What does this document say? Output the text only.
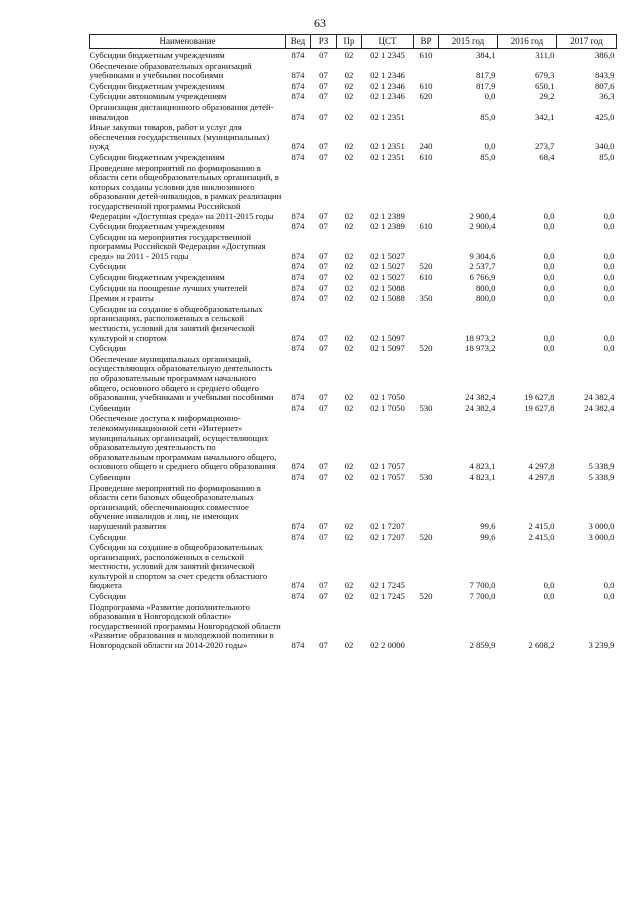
63
Наименование	Вед	РЗ	Пр	ЦСТ	ВР	2015 год	2016 год	2017 год
Субсидии бюджетным учреждениям	874	07	02	02 1 2345	610	384,1	311,0	386,0
Обеспечение образовательных организаций учебниками и учебными пособиями	874	07	02	02 1 2346		817,9	679,3	843,9
Субсидии бюджетным учреждениям	874	07	02	02 1 2346	610	817,9	650,1	807,6
Субсидии автономным учреждениям	874	07	02	02 1 2346	620	0,0	29,2	36,3
Организация дистанционного образования детей-инвалидов	874	07	02	02 1 2351		85,0	342,1	425,0
Иные закупки товаров, работ и услуг для обеспечения государственных (муниципальных) нужд	874	07	02	02 1 2351	240	0,0	273,7	340,0
Субсидии бюджетным учреждениям	874	07	02	02 1 2351	610	85,0	68,4	85,0
Проведение мероприятий по формированию в области сети общеобразовательных организаций, в которых созданы условия для инклюзивного образования детей-инвалидов, в рамках реализации государственной программы Российской Федерации «Доступная среда» на 2011-2015 годы	874	07	02	02 1 2389		2 900,4	0,0	0,0
Субсидии бюджетным учреждениям	874	07	02	02 1 2389	610	2 900,4	0,0	0,0
Субсидии на мероприятия государственной программы Российской Федерации «Доступная среда» на 2011 - 2015 годы	874	07	02	02 1 5027		9 304,6	0,0	0,0
Субсидии	874	07	02	02 1 5027	520	2 537,7	0,0	0,0
Субсидии бюджетным учреждениям	874	07	02	02 1 5027	610	6 766,9	0,0	0,0
Субсидии на поощрение лучших учителей	874	07	02	02 1 5088		800,0	0,0	0,0
Премии и гранты	874	07	02	02 1 5088	350	800,0	0,0	0,0
Субсидии на создание в общеобразовательных организациях, расположенных в сельской местности, условий для занятий физической культурой и спортом	874	07	02	02 1 5097		18 973,2	0,0	0,0
Субсидии	874	07	02	02 1 5097	520	18 973,2	0,0	0,0
Обеспечение муниципальных организаций, осуществляющих образовательную деятельность по образовательным программам начального общего, основного общего и среднего общего образования, учебниками и учебными пособиями	874	07	02	02 1 7050		24 382,4	19 627,8	24 382,4
Субвенции	874	07	02	02 1 7050	530	24 382,4	19 627,8	24 382,4
Обеспечение доступа к информационно-телекоммуникационной сети «Интернет» муниципальных организаций, осуществляющих образовательную деятельность по образовательным программам начального общего, основного общего и среднего общего образования	874	07	02	02 1 7057		4 823,1	4 297,8	5 338,9
Субвенции	874	07	02	02 1 7057	530	4 823,1	4 297,8	5 338,9
Проведение мероприятий по формированию в области сети базовых общеобразовательных организаций, обеспечивающих совместное обучение инвалидов и лиц, не имеющих нарушений развития	874	07	02	02 1 7207		99,6	2 415,0	3 000,0
Субсидии	874	07	02	02 1 7207	520	99,6	2 415,0	3 000,0
Субсидии на создание в общеобразовательных организациях, расположенных в сельской местности, условий для занятий физической культурой и спортом за счет средств областного бюджета	874	07	02	02 1 7245		7 700,0	0,0	0,0
Субсидии	874	07	02	02 1 7245	520	7 700,0	0,0	0,0
Подпрограмма «Развитие дополнительного образования в Новгородской области» государственной программы Новгородской области «Развитие образования и молодежной политики в Новгородской области на 2014-2020 годы»	874	07	02	02 2 0000		2 859,9	2 608,2	3 239,9
